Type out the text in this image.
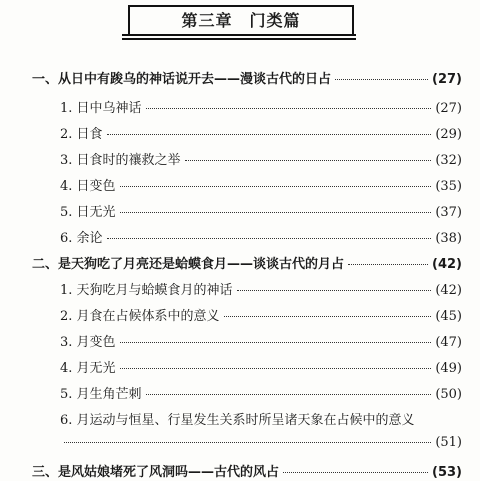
第三章　门类篇
一、从日中有踆乌的神话说开去——漫谈古代的日占	(27)
1. 日中乌神话	(27)
2. 日食	(29)
3. 日食时的禳救之举	(32)
4. 日变色	(35)
5. 日无光	(37)
6. 余论	(38)
二、是天狗吃了月亮还是蛤蟆食月——谈谈古代的月占	(42)
1. 天狗吃月与蛤蟆食月的神话	(42)
2. 月食在占候体系中的意义	(45)
3. 月变色	(47)
4. 月无光	(49)
5. 月生角芒刺	(50)
6. 月运动与恒星、行星发生关系时所呈诸天象在占候中的意义
(51)
三、是风姑娘堵死了风洞吗——古代的风占	(53)
